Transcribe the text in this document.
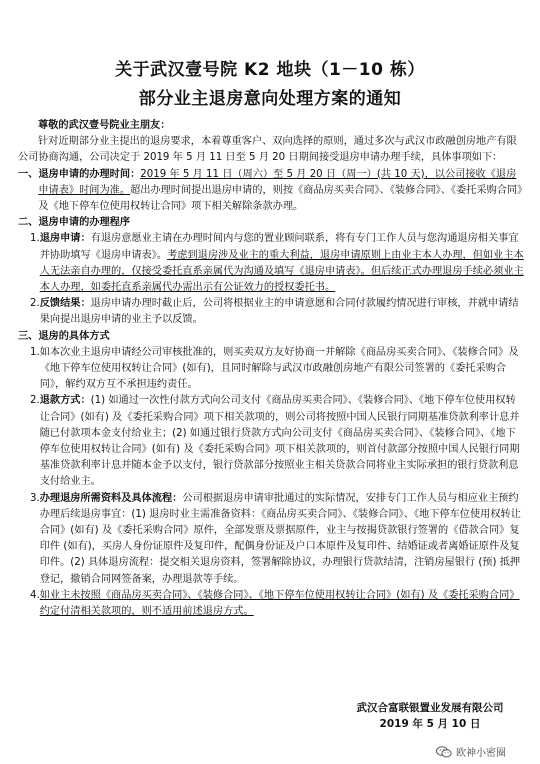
关于武汉壹号院 K2 地块（1－10 栋）

部分业主退房意向处理方案的通知

尊敬的武汉壹号院业主朋友：

针对近期部分业主提出的退房要求，本着尊重客户、双向选择的原则，通过多次与武汉市政融创房地产有限公司协商沟通，公司决定于 2019 年 5 月 11 日至 5 月 20 日期间接受退房申请办理手续，具体事项如下：

一、 退房申请的办理时间：2019 年 5 月 11 日（周六）至 5 月 20 日（周一）(共 10 天)，以公司接收《退房申请表》时间为准。超出办理时间提出退房申请的，则按《商品房买卖合同》、《装修合同》、《委托采购合同》及《地下停车位使用权转让合同》项下相关解除条款办理。

二、退房申请的办理程序

1. 退房申请：有退房意愿业主请在办理时间内与您的置业顾问联系，将有专门工作人员与您沟通退房相关事宜并协助填写《退房申请表》。考虑到退房涉及业主的重大利益，退房申请原则上由业主本人办理，但如业主本人无法亲自办理的，仅接受委托直系亲属代为沟通及填写《退房申请表》。但后续正式办理退房手续必须业主本人办理，如委托直系亲属代办需出示有公证效力的授权委托书。

2. 反馈结果：退房申请办理时截止后，公司将根据业主的申请意愿和合同付款履约情况进行审核，并就申请结果向提出退房申请的业主予以反馈。

三、退房的具体方式

1. 如本次业主退房申请经公司审核批准的，则买卖双方友好协商一并解除《商品房买卖合同》、《装修合同》及《地下停车位使用权转让合同》(如有)，且同时解除与武汉市政融创房地产有限公司签署的《委托采购合同》，解约双方互不承担违约责任。

2. 退款方式：(1) 如通过一次性付款方式向公司支付《商品房买卖合同》、《装修合同》、《地下停车位使用权转让合同》(如有) 及《委托采购合同》项下相关款项的，则公司将按照中国人民银行同期基准贷款利率计息并随已付款项本金支付给业主；(2) 如通过银行贷款方式向公司支付《商品房买卖合同》、《装修合同》、《地下停车位使用权转让合同》(如有) 及《委托采购合同》项下相关款项的，则首付款部分按照中国人民银行同期基准贷款利率计息并随本金予以支付，银行贷款部分按照业主相关贷款合同将业主实际承担的银行贷款利息支付给业主。

3. 办理退房所需资料及具体流程：公司根据退房申请审批通过的实际情况，安排专门工作人员与相应业主预约办理后续退房事宜：(1) 退房时业主需准备资料：《商品房买卖合同》、《装修合同》、《地下停车位使用权转让合同》(如有) 及《委托采购合同》原件，全部发票及票据原件，业主与按揭贷款银行签署的《借款合同》复印件 (如有)，买房人身份证原件及复印件，配偶身份证及户口本原件及复印件、结婚证或者离婚证原件及复印件。(2) 具体退房流程：提交相关退房资料，签署解除协议，办理银行贷款结清，注销房屋银行 (预) 抵押登记，撤销合同网签备案，办理退款等手续。

4. 如业主未按照《商品房买卖合同》、《装修合同》、《地下停车位使用权转让合同》(如有) 及《委托采购合同》约定付清相关款项的，则不适用前述退房方式。

武汉合富联银置业发展有限公司
2019 年 5 月 10 日
欧神小密圈
